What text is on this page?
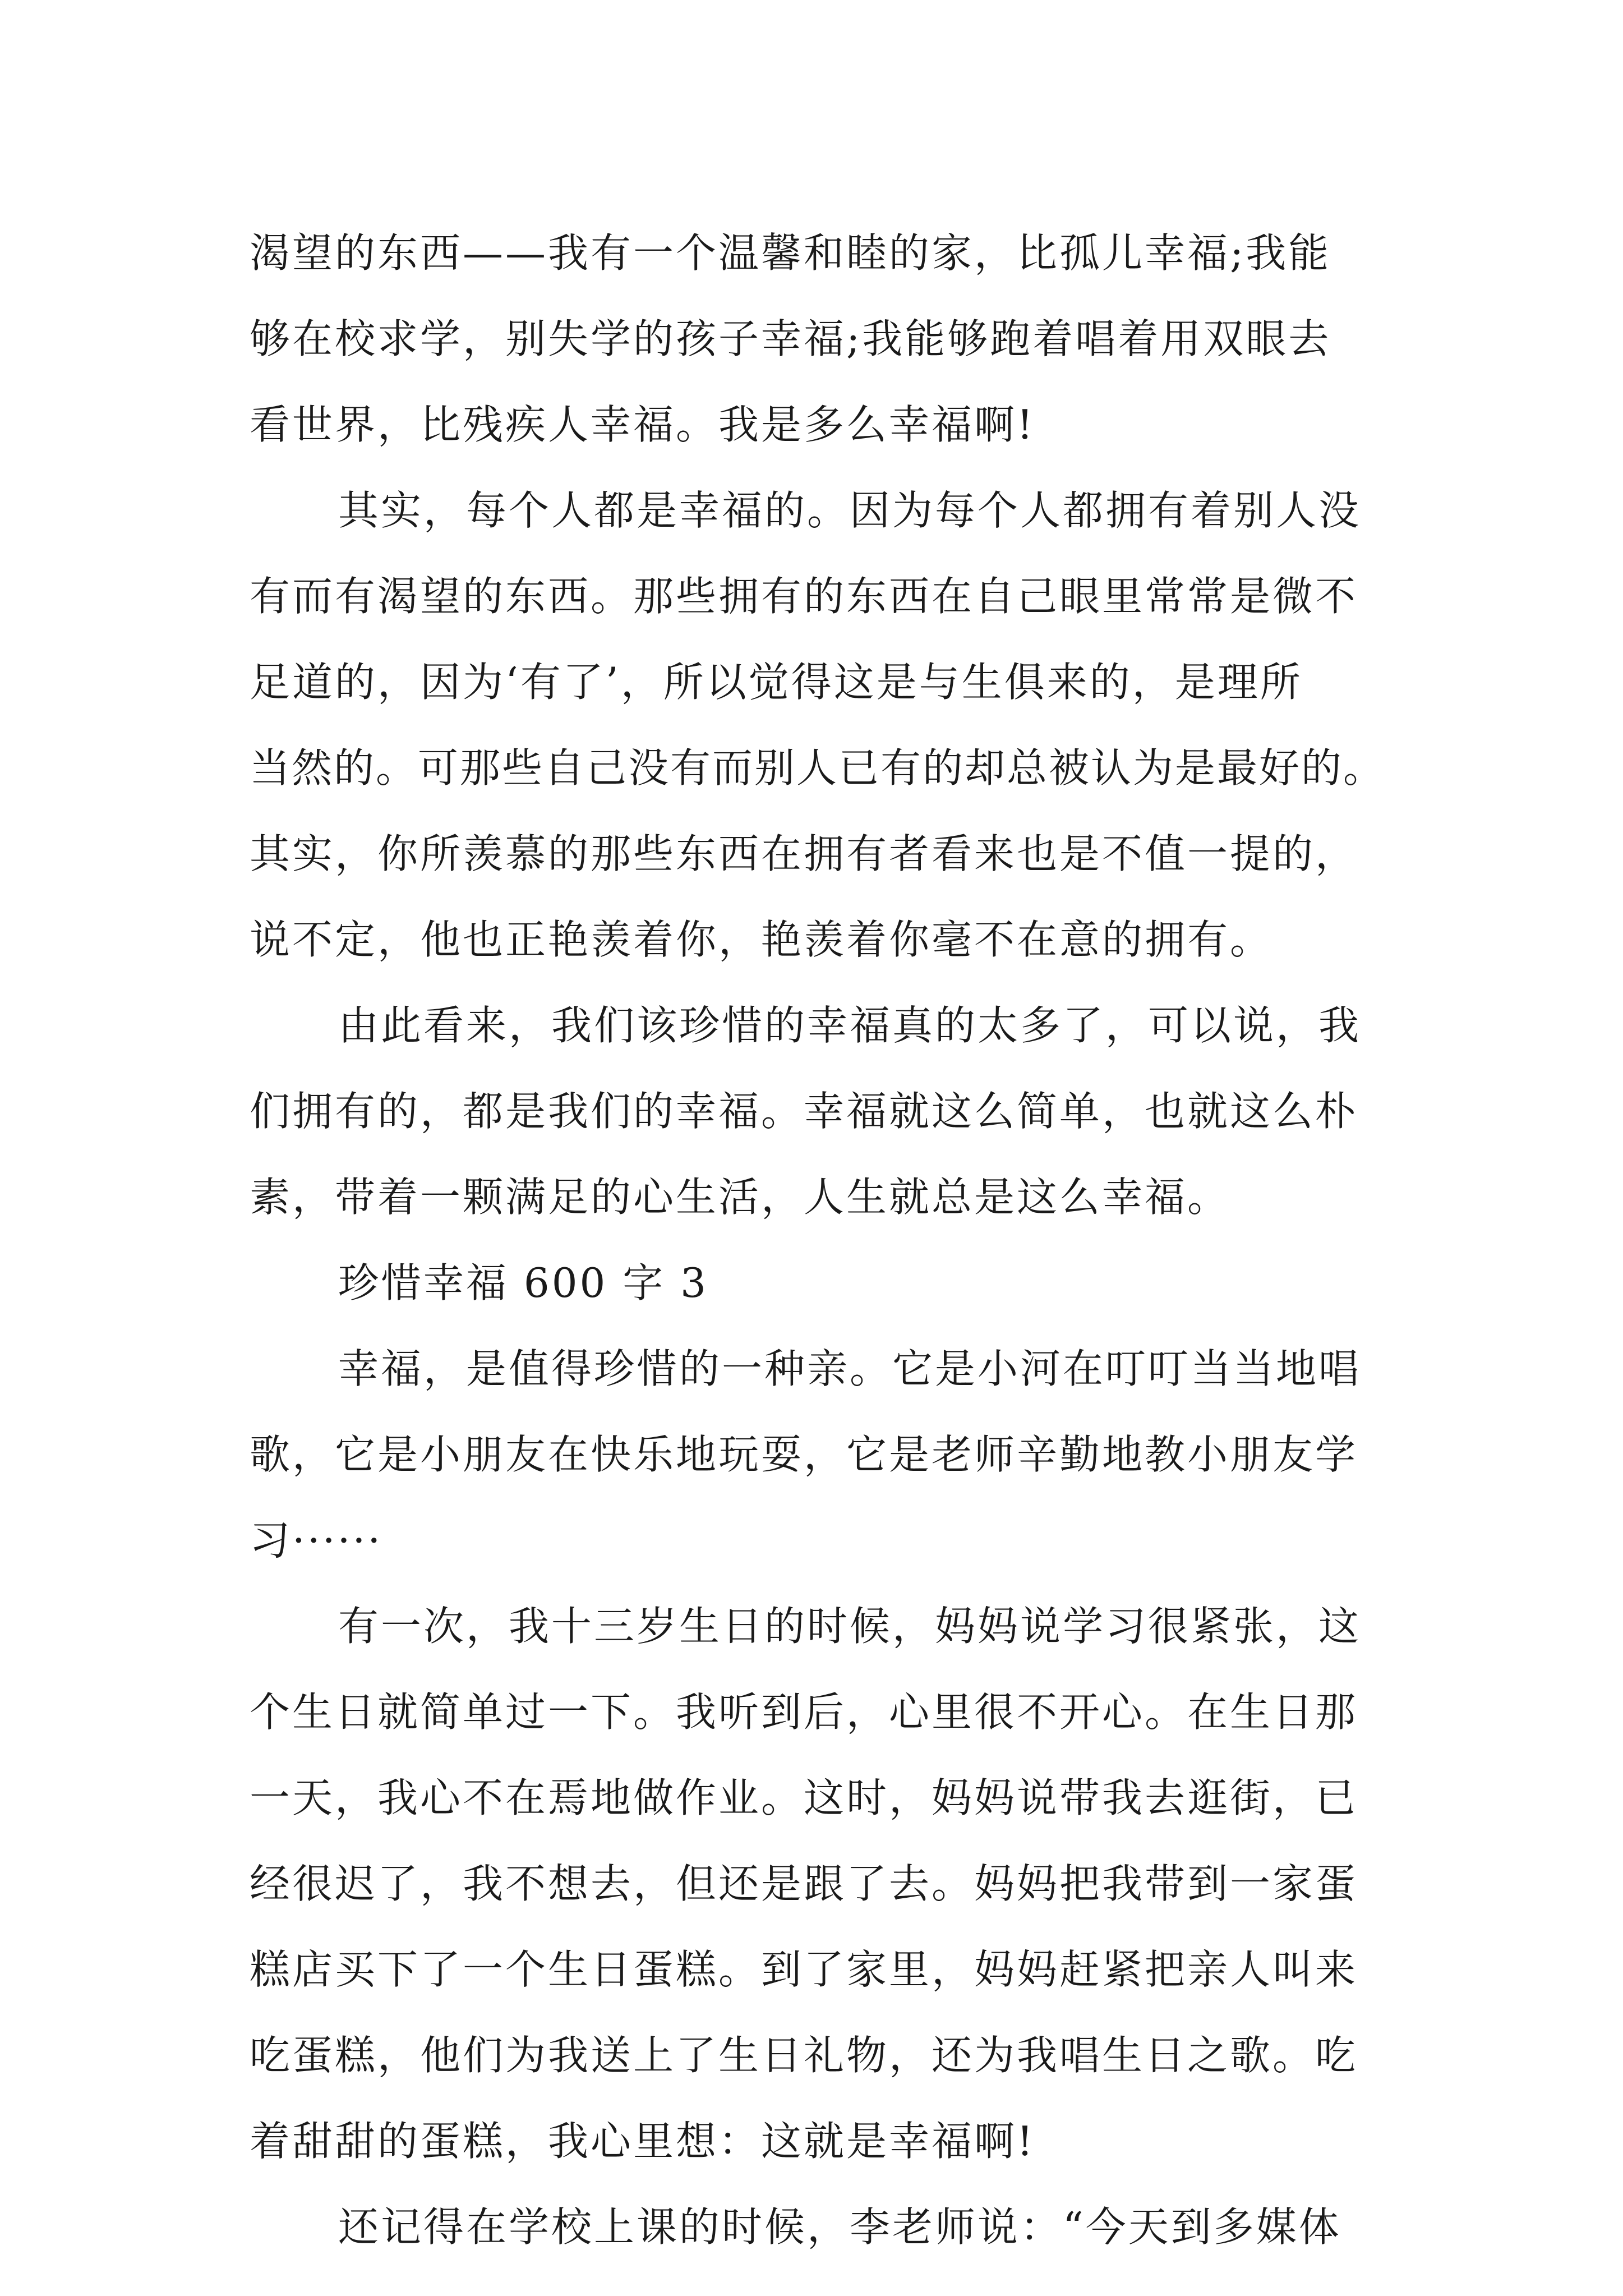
渴望的东西——我有一个温馨和睦的家，比孤儿幸福;我能
够在校求学，别失学的孩子幸福;我能够跑着唱着用双眼去
看世界，比残疾人幸福。我是多么幸福啊!
其实，每个人都是幸福的。因为每个人都拥有着别人没
有而有渴望的东西。那些拥有的东西在自己眼里常常是微不
足道的，因为‘有了’，所以觉得这是与生俱来的，是理所
当然的。可那些自己没有而别人已有的却总被认为是最好的。
其实，你所羡慕的那些东西在拥有者看来也是不值一提的，
说不定，他也正艳羡着你，艳羡着你毫不在意的拥有。
由此看来，我们该珍惜的幸福真的太多了，可以说，我
们拥有的，都是我们的幸福。幸福就这么简单，也就这么朴
素，带着一颗满足的心生活，人生就总是这么幸福。
珍惜幸福 600 字 3
幸福，是值得珍惜的一种亲。它是小河在叮叮当当地唱
歌，它是小朋友在快乐地玩耍，它是老师辛勤地教小朋友学
习······
有一次，我十三岁生日的时候，妈妈说学习很紧张，这
个生日就简单过一下。我听到后，心里很不开心。在生日那
一天，我心不在焉地做作业。这时，妈妈说带我去逛街，已
经很迟了，我不想去，但还是跟了去。妈妈把我带到一家蛋
糕店买下了一个生日蛋糕。到了家里，妈妈赶紧把亲人叫来
吃蛋糕，他们为我送上了生日礼物，还为我唱生日之歌。吃
着甜甜的蛋糕，我心里想：这就是幸福啊!
还记得在学校上课的时候，李老师说：“今天到多媒体
